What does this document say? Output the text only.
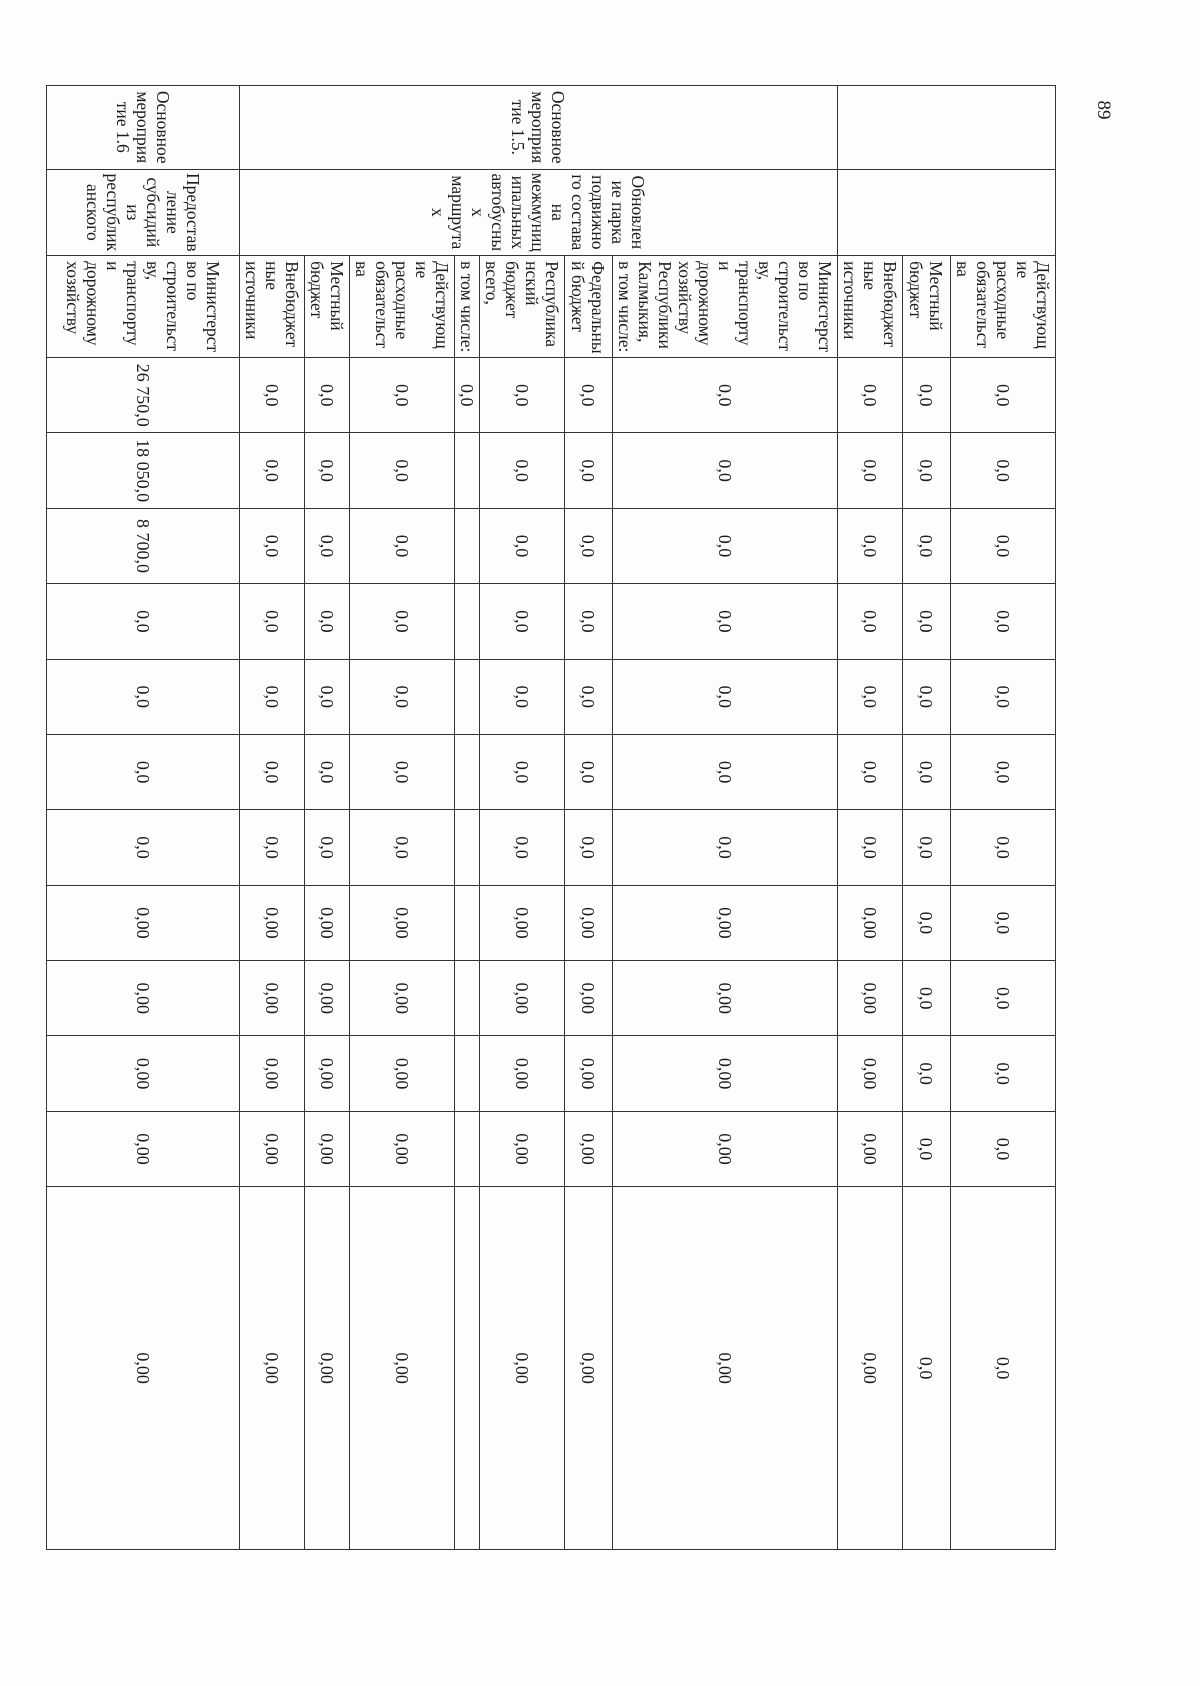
89
		Действующие расходные обязательства	0,0	0,0	0,0	0,0	0,0	0,0	0,0	0,0	0,0	0,0	0,0	0,0
		Местный бюджет	0,0	0,0	0,0	0,0	0,0	0,0	0,0	0,0	0,0	0,0	0,0	0,0
		Внебюджетные источники	0,0	0,0	0,0	0,0	0,0	0,0	0,0	0,00	0,00	0,00	0,00	0,00
Основное мероприятие 1.5.	Обновление парка подвижного состава на межмуниципальных автобусных маршрутах	Министерство по строительству, транспорту и дорожному хозяйству Республики Калмыкия, в том числе:	0,0	0,0	0,0	0,0	0,0	0,0	0,0	0,00	0,00	0,00	0,00	0,00
		Федеральный бюджет	0,0	0,0	0,0	0,0	0,0	0,0	0,0	0,00	0,00	0,00	0,00	0,00
		Республиканский бюджет всего,	0,0	0,0	0,0	0,0	0,0	0,0	0,0	0,00	0,00	0,00	0,00	0,00
		в том числе:	0,0											
		Действующие расходные обязательства	0,0	0,0	0,0	0,0	0,0	0,0	0,0	0,00	0,00	0,00	0,00	0,00
		Местный бюджет	0,0	0,0	0,0	0,0	0,0	0,0	0,0	0,00	0,00	0,00	0,00	0,00
		Внебюджетные источники	0,0	0,0	0,0	0,0	0,0	0,0	0,0	0,00	0,00	0,00	0,00	0,00
Основное мероприятие 1.6	Предоставление субсидий из республиканского	Министерство по строительству, транспорту и дорожному хозяйству	26 750,0	18 050,0	8 700,0	0,0	0,0	0,0	0,0	0,00	0,00	0,00	0,00	0,00
